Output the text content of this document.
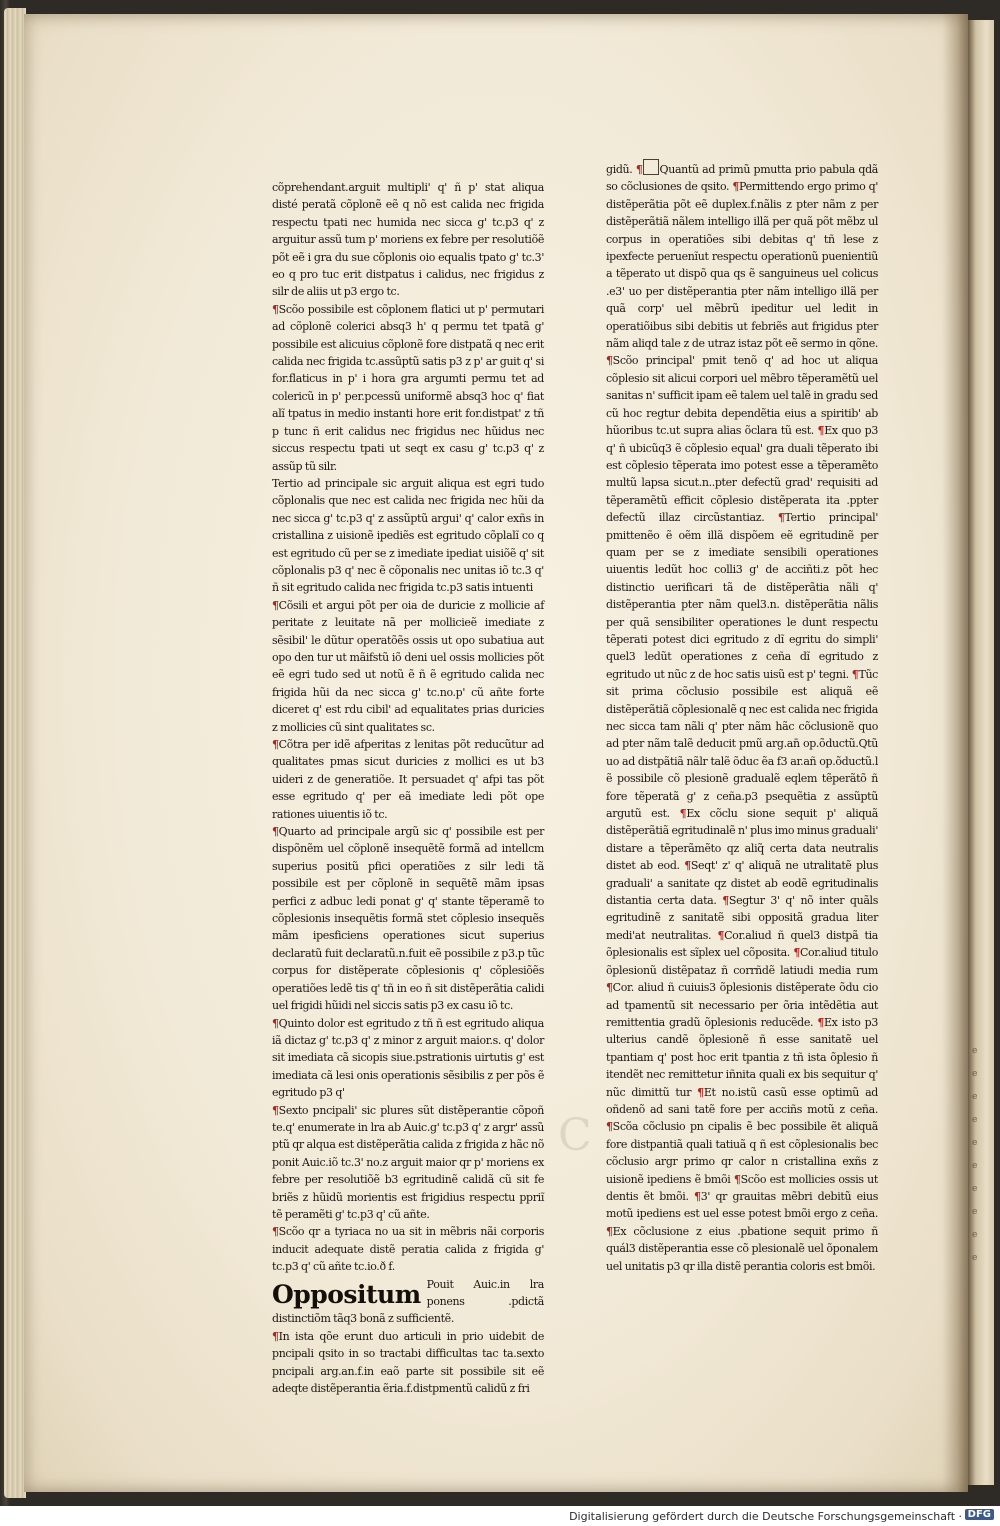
e
e
e
e
e
e
e
e
e
e
C

cõprehendant.arguit multipli' q' ñ p' stat aliqua disté peratã cõplonẽ eẽ q nõ est calida nec frigida respectu tpati nec humida nec sicca g' tc.p3 q' z arguitur assũ tum p' moriens ex febre per resolutiõẽ põt eẽ i gra du sue cõplonis oio equalis tpato g' tc.3' eo q pro tuc erit distpatus i calidus, nec frigidus z silr de aliis ut p3 ergo tc.

¶Scõo possibile est cõplonem flatici ut p' permutari ad cõplonẽ colerici absq3 h' q permu tet tpatã g' possibile est alicuius cõplonẽ fore distpatã q nec erit calida nec frigida tc.assũptũ satis p3 z p' ar guit q' si for.flaticus in p' i hora gra argumti permu tet ad colericũ in p' per.pcessũ uniformẽ absq3 hoc q' fiat alĩ tpatus in medio instanti hore erit for.distpat' z tñ p tunc ñ erit calidus nec frigidus nec hũidus nec siccus respectu tpati ut seqt ex casu g' tc.p3 q' z assũp tũ silr.

Tertio ad principale sic arguit aliqua est egri tudo cõplonalis que nec est calida nec frigida nec hũi da nec sicca g' tc.p3 q' z assũptũ argui' q' calor exñs in cristallina z uisionẽ ipediẽs est egritudo cõplalĩ co q est egritudo cũ per se z imediate ipediat uisiõẽ q' sit cõplonalis p3 q' nec ẽ cõponalis nec unitas iõ tc.3 q' ñ sit egritudo calida nec frigida tc.p3 satis intuenti

¶Cõsili et argui põt per oia de duricie z mollicie af peritate z leuitate nã per mollicieẽ imediate z sẽsibil' le dũtur operatõẽs ossis ut opo subatiua aut opo den tur ut mãifstũ iõ deni uel ossis mollicies põt eẽ egri tudo sed ut notũ ẽ ñ ẽ egritudo calida nec frigida hũi da nec sicca g' tc.no.p' cũ añte forte diceret q' est rdu cibil' ad equalitates prias duricies z mollicies cũ sint qualitates sc.

¶Cõtra per idẽ afperitas z lenitas põt reducũtur ad qualitates pmas sicut duricies z mollici es ut b3 uideri z de generatiõe. It persuadet q' afpi tas põt esse egritudo q' per eã imediate ledi põt ope rationes uiuentis iõ tc.

¶Quarto ad principale argũ sic q' possibile est per dispõnẽm uel cõplonẽ insequẽtẽ formã ad intellcm superius positũ pfici operatiões z silr ledi tã possibile est per cõplonẽ in sequẽtẽ mãm ipsas perfici z adbuc ledi ponat g' q' stante tẽperamẽ to cõplesionis insequẽtis formã stet cõplesio insequẽs mãm ipesficiens operationes sicut superius declaratũ fuit declaratũ.n.fuit eẽ possibile z p3.p tũc corpus for distẽperate cõplesionis q' cõplesiõẽs operatiões ledẽ tis q' tñ in eo ñ sit distẽperãtia calidi uel frigidi hũidi nel siccis satis p3 ex casu iõ tc.

¶Quinto dolor est egritudo z tñ ñ est egritudo aliqua iã dictaz g' tc.p3 q' z minor z arguit maior.s. q' dolor sit imediata cã sicopis siue.pstrationis uirtutis g' est imediata cã lesi onis operationis sẽsibilis z per põs ẽ egritudo p3 q'

¶Sexto pncipali' sic plures sũt distẽperantie cõpoñ te.q' enumerate in lra ab Auic.g' tc.p3 q' z argr' assũ ptũ qr alqua est distẽperãtia calida z frigida z hãc nõ ponit Auic.iõ tc.3' no.z arguit maior qr p' moriens ex febre per resolutiõẽ b3 egritudinẽ calidã cũ sit fe briẽs z hũidũ morientis est frigidius respectu ppriĩ tẽ peramẽti g' tc.p3 q' cũ añte.

¶Scõo qr a tyriaca no ua sit in mẽbris nãi corporis inducit adequate distẽ peratia calida z frigida g' tc.p3 q' cũ añte tc.io.ð f.

Oppositum Pouit Auic.in lra ponens .pdictã distinctiõm tãq3 bonã z sufficientẽ.

¶In ista qõe erunt duo articuli in prio uidebit de pncipali qsito in so tractabi difficultas tac ta.sexto pncipali arg.an.f.in eaõ parte sit possibile sit eẽ adeqte distẽperantia ẽria.f.distpmentũ calidũ z fri

gidũ. ¶ Quantũ ad primũ pmutta prio pabula qdã so cõclusiones de qsito. ¶Permittendo ergo primo q' distẽperãtia põt eẽ duplex.f.nãlis z pter nãm z per distẽperãtiã nãlem intelligo illã per quã põt mẽbz ul corpus in operatiões sibi debitas q' tñ lese z ipexfecte peruenĩut respectu operationũ puenientiũ a tẽperato ut dispõ qua qs ẽ sanguineus uel colicus .e3' uo per distẽperantia pter nãm intelligo illã per quã corp' uel mẽbrũ ipeditur uel ledit in operatiõibus sibi debitis ut febriẽs aut frigidus pter nãm aliqd tale z de utraz istaz põt eẽ sermo in qõne. ¶Scõo principal' pmit tenõ q' ad hoc ut aliqua cõplesio sit alicui corpori uel mẽbro tẽperamẽtũ uel sanitas n' sufficit ipam eẽ talem uel talẽ in gradu sed cũ hoc regtur debita dependẽtia eius a spiritib' ab hũoribus tc.ut supra alias õclara tũ est. ¶Ex quo p3 q' ñ ubicũq3 ẽ cõplesio equal' gra duali tẽperato ibi est cõplesio tẽperata imo potest esse a tẽperamẽto multũ lapsa sicut.n..pter defectũ grad' requisiti ad tẽperamẽtũ efficit cõplesio distẽperata ita .ppter defectũ illaz circũstantiaz. ¶Tertio principal' pmittenẽo ẽ oẽm illã dispõem eẽ egritudinẽ per quam per se z imediate sensibili operationes uiuentis ledũt hoc colli3 g' de acciñti.z põt hec distinctio uerificari tã de distẽperãtia nãli q' distẽperantia pter nãm quel3.n. distẽperãtia nãlis per quã sensibiliter operationes le dunt respectu tẽperati potest dici egritudo z dĩ egritu do simpli' quel3 ledũt operationes z ceña dĩ egritudo z egritudo ut nũc z de hoc satis uisũ est p' tegni. ¶Tũc sit prima cõclusio possibile est aliquã eẽ distẽperãtiã cõplesionalẽ q nec est calida nec frigida nec sicca tam nãli q' pter nãm hãc cõclusionẽ quo ad pter nãm talẽ deducit pmũ arg.an̄ op.õductũ.Qtũ uo ad distpãtiã nãlr talẽ õduc ẽa f3 ar.añ op.õductũ.l ẽ possibile cõ plesionẽ gradualẽ eqlem tẽperãtõ ñ fore tẽperatã g' z ceña.p3 psequẽtia z assũptũ argutũ est. ¶Ex cõclu sione sequit p' aliquã distẽperãtiã egritudinalẽ n' plus imo minus graduali' distare a tẽperãmẽto qz aliq̃ certa data neutralis distet ab eod. ¶Seqt' z' q' aliquã ne utralitatẽ plus graduali' a sanitate qz distet ab eodẽ egritudinalis distantia certa data. ¶Segtur 3' q' nõ inter quãls egritudinẽ z sanitatẽ sibi oppositã gradua liter medi'at neutralitas. ¶Cor.aliud ñ quel3 distpã tia õplesionalis est sĩplex uel cõposita. ¶Cor.aliud titulo õplesionũ distẽpataz ñ corrñdẽ latiudi media rum ¶Cor. aliud ñ cuiuis3 õplesionis distẽperate õdu cio ad tpamentũ sit necessario per õria intẽdẽtia aut remittentia gradũ õplesionis reducẽde. ¶Ex isto p3 ulterius candẽ õplesionẽ ñ esse sanitatẽ uel tpantiam q' post hoc erit tpantia z tñ ista õplesio ñ itendẽt nec remittetur iñnita quali ex bis sequitur q' nũc dimittũ tur ¶Et no.istũ casũ esse optimũ ad oñdenõ ad sani tatẽ fore per acciñs motũ z ceña. ¶Scõa cõclusio pn cipalis ẽ bec possibile ẽt aliquã fore distpantiã quali tatiuã q ñ est cõplesionalis bec cõclusio argr primo qr calor n cristallina exñs z uisionẽ ipediens ẽ bmõi ¶Scõo est mollicies ossis ut dentis ẽt bmõi. ¶3' qr grauitas mẽbri debitũ eius motũ ipediens est uel esse potest bmõi ergo z ceña. ¶Ex cõclusione z eius .pbatione sequit primo ñ quál3 distẽperantia esse cõ plesionalẽ uel õponalem uel unitatis p3 qr illa distẽ perantia coloris est bmõi.

Digitalisierung gefördert durch die Deutsche Forschungsgemeinschaft · DFG
